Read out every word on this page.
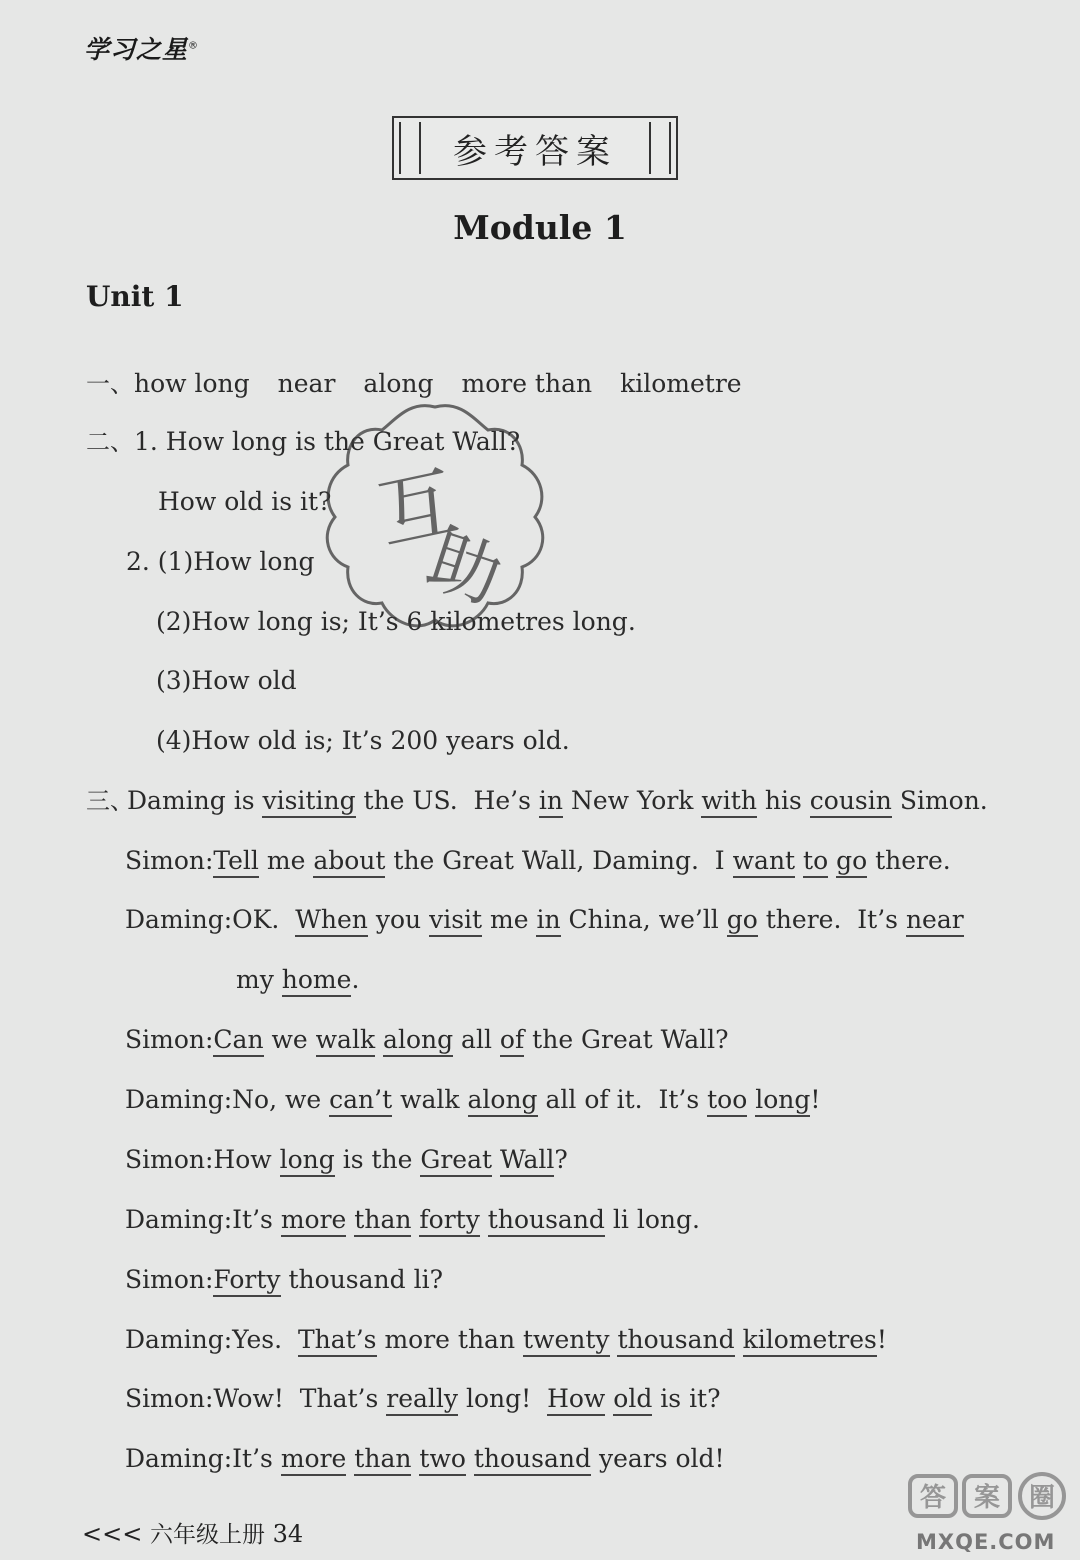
学习之星®
参考答案
Module 1
Unit 1
一、how long near along more than kilometre
二、1. How long is the Great Wall?
How old is it?
2. (1)How long
(2)How long is; It’s 6 kilometres long.
(3)How old
(4)How old is; It’s 200 years old.
三、
Daming is visiting the US.  He’s in New York with his cousin Simon.
Simon:Tell me about the Great Wall, Daming.  I want to go there.
Daming:OK.  When you visit me in China, we’ll go there.  It’s near
my home.
Simon:Can we walk along all of the Great Wall?
Daming:No, we can’t walk along all of it.  It’s too long!
Simon:How long is the Great Wall?
Daming:It’s more than forty thousand li long.
Simon:Forty thousand li?
Daming:Yes.  That’s more than twenty thousand kilometres!
Simon:Wow!  That’s really long!  How old is it?
Daming:It’s more than two thousand years old!
互
助
<<< 六年级上册 34
答 案 圈
MXQE.COM
